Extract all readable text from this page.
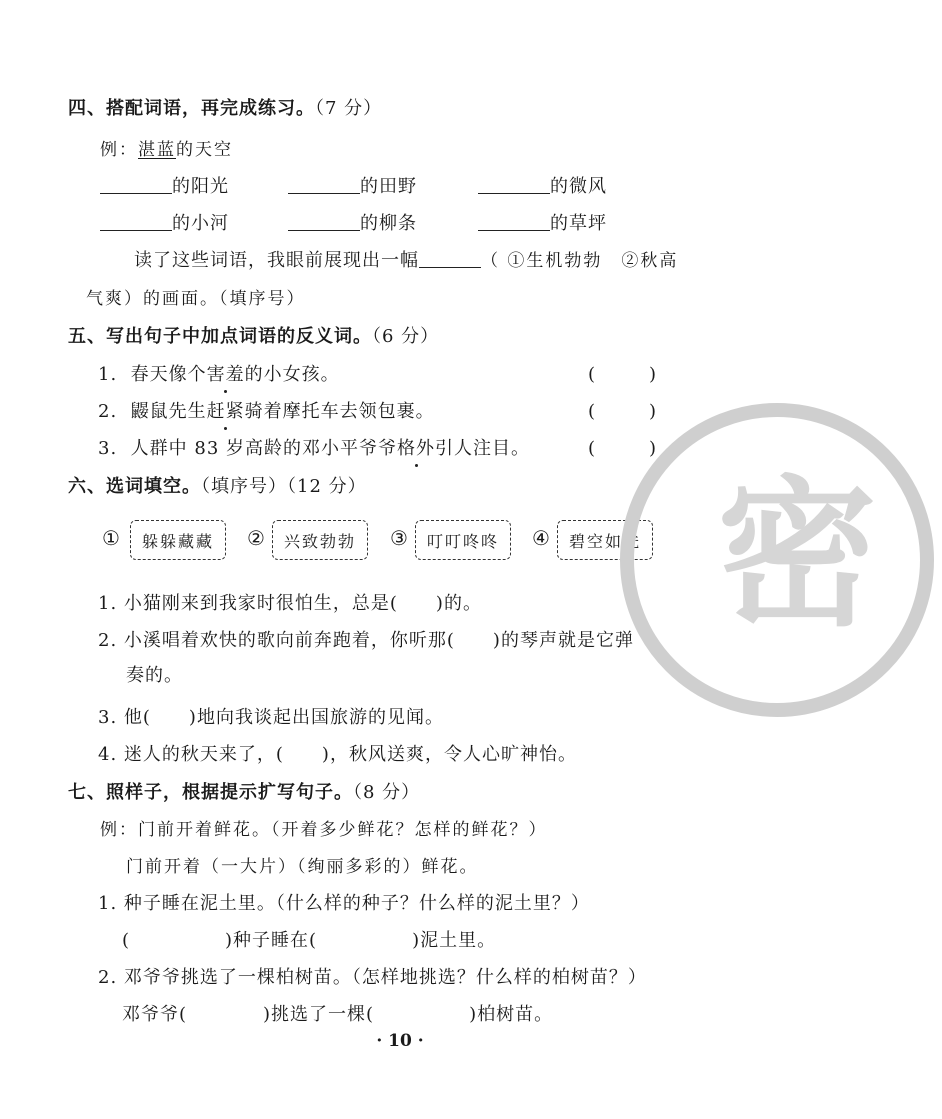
四、搭配词语，再完成练习。（7 分）
例：湛蓝的天空
的阳光	的田野	的微风
的小河	的柳条	的草坪
读了这些词语，我眼前展现出一幅	（ ①生机勃勃　②秋高
气爽）的画面。（填序号）
五、写出句子中加点词语的反义词。（6 分）
1. 春天像个害羞的小女孩。	(　　　)
2. 鼹鼠先生赶紧骑着摩托车去领包裹。	(　　　)
3. 人群中 83 岁高龄的邓小平爷爷格外引人注目。	(　　　)
六、选词填空。（填序号）（12 分）
① 躲躲藏藏 ② 兴致勃勃 ③ 叮叮咚咚 ④ 碧空如洗
1. 小猫刚来到我家时很怕生，总是(　　)的。
2. 小溪唱着欢快的歌向前奔跑着，你听那(　　)的琴声就是它弹
奏的。
3. 他(　　)地向我谈起出国旅游的见闻。
4. 迷人的秋天来了，(　　)，秋风送爽，令人心旷神怡。
七、照样子，根据提示扩写句子。（8 分）
例：门前开着鲜花。（开着多少鲜花？怎样的鲜花？）
门前开着（一大片）（绚丽多彩的）鲜花。
1. 种子睡在泥土里。（什么样的种子？什么样的泥土里？）
(　　　　　)种子睡在(　　　　　)泥土里。
2. 邓爷爷挑选了一棵柏树苗。（怎样地挑选？什么样的柏树苗？）
邓爷爷(　　　　)挑选了一棵(　　　　　)柏树苗。
密
· 10 ·
